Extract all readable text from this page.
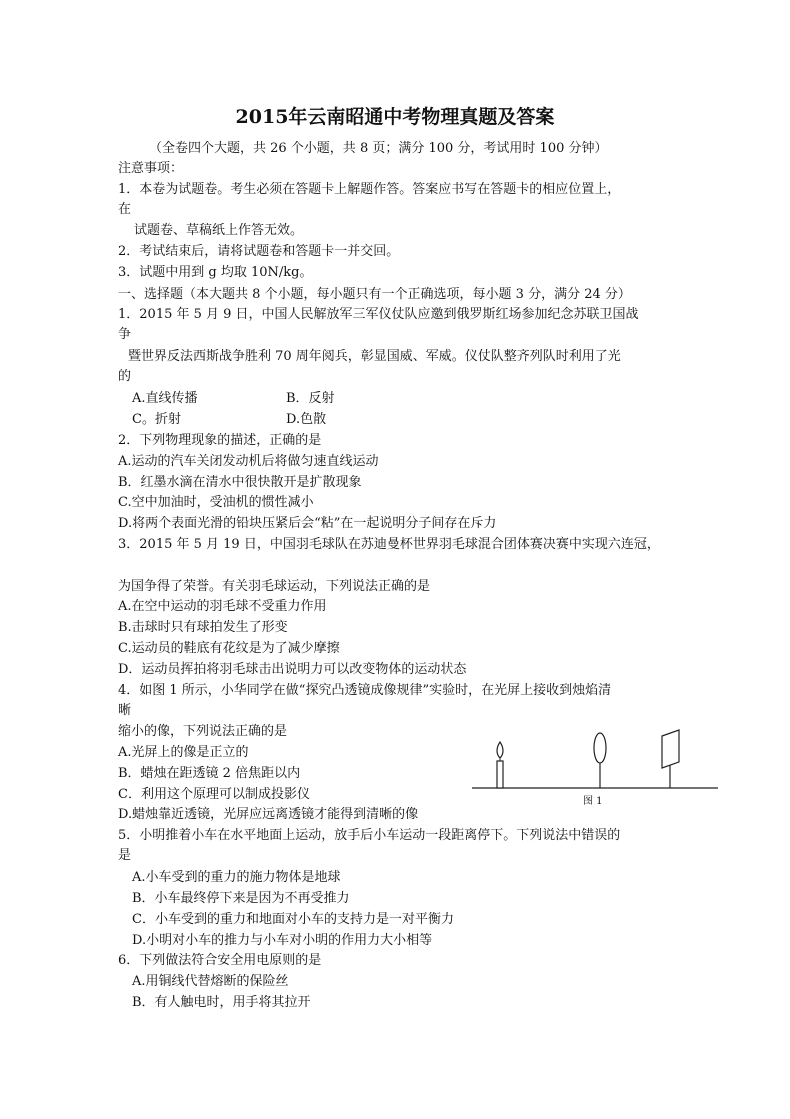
2015年云南昭通中考物理真题及答案

（全卷四个大题，共 26 个小题，共 8 页；满分 100 分，考试用时 100 分钟）

注意事项：

1．本卷为试题卷。考生必须在答题卡上解题作答。答案应书写在答题卡的相应位置上，

在

试题卷、草稿纸上作答无效。

2．考试结束后，请将试题卷和答题卡一并交回。

3．试题中用到 g 均取 10N/kg。

一、选择题（本大题共 8 个小题，每小题只有一个正确选项，每小题 3 分，满分 24 分）

1．2015 年 5 月 9 日，中国人民解放军三军仪仗队应邀到俄罗斯红场参加纪念苏联卫国战

争

暨世界反法西斯战争胜利 70 周年阅兵，彰显国威、军威。仪仗队整齐列队时利用了光

的

A.直线传播	B．反射

C。折射	D.色散

2．下列物理现象的描述，正确的是

A.运动的汽车关闭发动机后将做匀速直线运动

B．红墨水滴在清水中很快散开是扩散现象

C.空中加油时，受油机的惯性减小

D.将两个表面光滑的铅块压紧后会“粘”在一起说明分子间存在斥力

3．2015 年 5 月 19 日，中国羽毛球队在苏迪曼杯世界羽毛球混合团体赛决赛中实现六连冠，

为国争得了荣誉。有关羽毛球运动，下列说法正确的是

A.在空中运动的羽毛球不受重力作用

B.击球时只有球拍发生了形变

C.运动员的鞋底有花纹是为了减少摩擦

D．运动员挥拍将羽毛球击出说明力可以改变物体的运动状态

4．如图 1 所示，小华同学在做“探究凸透镜成像规律”实验时，在光屏上接收到烛焰清

晰

缩小的像，下列说法正确的是

A.光屏上的像是正立的

B．蜡烛在距透镜 2 倍焦距以内

C．利用这个原理可以制成投影仪

D.蜡烛靠近透镜，光屏应远离透镜才能得到清晰的像

图 1

5．小明推着小车在水平地面上运动，放手后小车运动一段距离停下。下列说法中错误的

是

A.小车受到的重力的施力物体是地球

B．小车最终停下来是因为不再受推力

C．小车受到的重力和地面对小车的支持力是一对平衡力

D.小明对小车的推力与小车对小明的作用力大小相等

6．下列做法符合安全用电原则的是

A.用铜线代替熔断的保险丝

B．有人触电时，用手将其拉开
